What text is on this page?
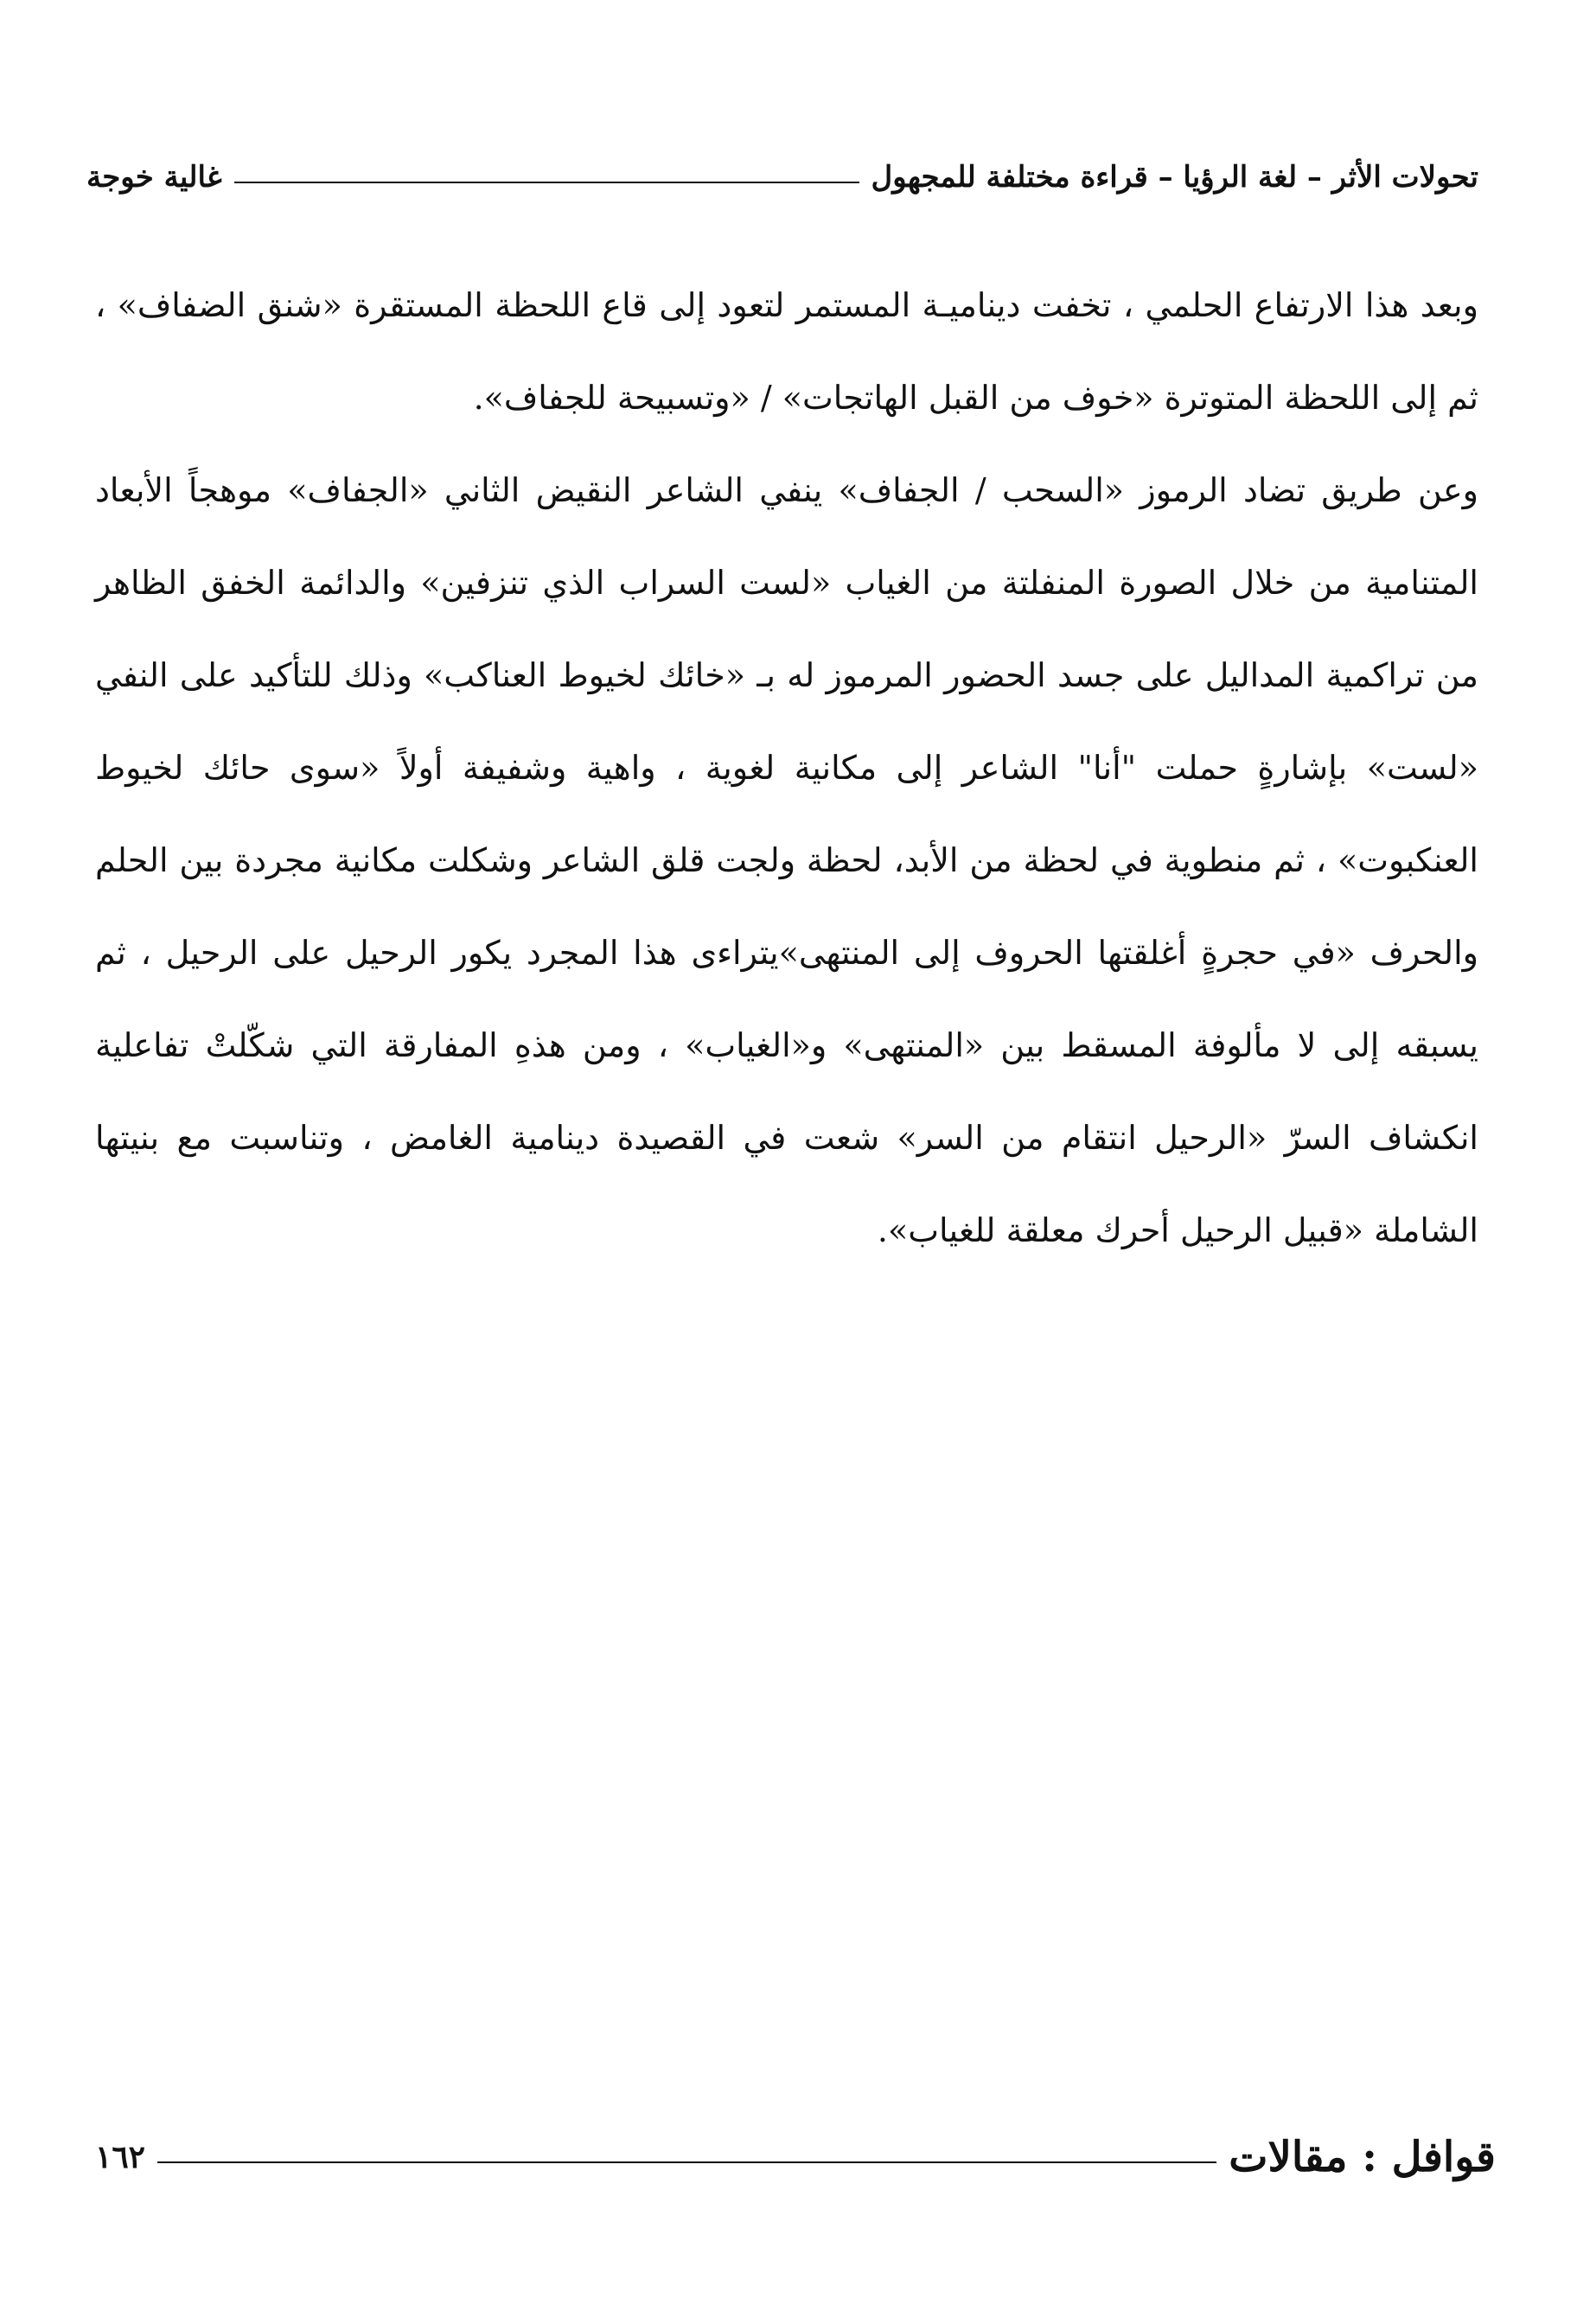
تحولات الأثر – لغة الرؤيا – قراءة مختلفة للمجهول
غالية خوجة

وبعد هذا الارتفاع الحلمي ، تخفت ديناميـة المستمر لتعود إلى قاع اللحظة المستقرة «شنق الضفاف» ، ثم إلى اللحظة المتوترة «خوف من القبل الهاتجات» / «وتسبيحة للجفاف».

وعن طريق تضاد الرموز «السحب / الجفاف» ينفي الشاعر النقيض الثاني «الجفاف» موهجاً الأبعاد المتنامية من خلال الصورة المنفلتة من الغياب «لست السراب الذي تنزفين» والدائمة الخفق الظاهر من تراكمية المداليل على جسد الحضور المرموز له بـ «خائك لخيوط العناكب» وذلك للتأكيد على النفي «لست» بإشارةٍ حملت "أنا" الشاعر إلى مكانية لغوية ، واهية وشفيفة أولاً «سوى حائك لخيوط العنكبوت» ، ثم منطوية في لحظة من الأبد، لحظة ولجت قلق الشاعر وشكلت مكانية مجردة بين الحلم والحرف «في حجرةٍ أغلقتها الحروف إلى المنتهى»يتراءى هذا المجرد يكور الرحيل على الرحيل ، ثم يسبقه إلى لا مألوفة المسقط بين «المنتهى» و«الغياب» ، ومن هذهِ المفارقة التي شكّلتْ تفاعلية انكشاف السرّ «الرحيل انتقام من السر» شعت في القصيدة دينامية الغامض ، وتناسبت مع بنيتها الشاملة «قبيل الرحيل أحرك معلقة للغياب».

قوافل : مقالات
١٦٢
